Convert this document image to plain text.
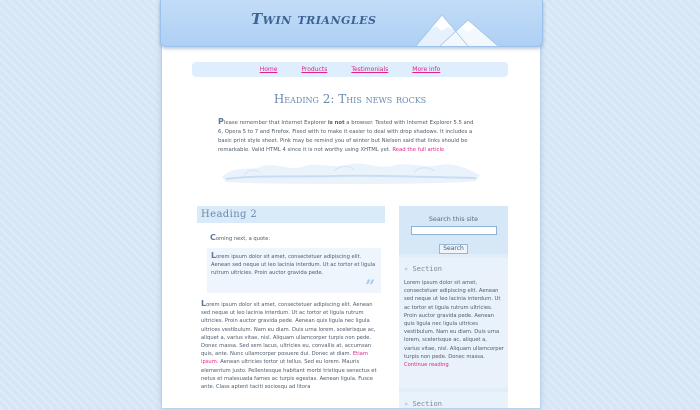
Twin triangles
Home	Products	Testimonials	More info
Heading 2: This news rocks
Please remember that Internet Explorer is not a browser. Tested with Internet Explorer 5.5 and 6, Opera 5 to 7 and Firefox. Fixed with to make it easier to deal with drop shadows. It includes a basic print style sheet. Pink may be remind you of winter but Nielsen said that links should be remarkable. Valid HTML 4 since it is not worthy using XHTML yet. Read the full article
Heading 2
Coming next, a quote:

Lorem ipsum dolor sit amet, consectetuer adipiscing elit. Aenean sed neque ut leo lacinia interdum. Ut ac tortor et ligula rutrum ultricies. Proin auctor gravida pede.

”
Lorem ipsum dolor sit amet, consectetuer adipiscing elit. Aenean sed neque ut leo lacinia interdum. Ut ac tortor et ligula rutrum ultricies. Proin auctor gravida pede. Aenean quis ligula nec ligula ultrices vestibulum. Nam eu diam. Duis urna lorem, scelerisque ac, aliquet a, varius vitae, nisl. Aliquam ullamcorper turpis non pede. Donec massa. Sed sem lacus, ultricies eu, convallis at, accumsan quis, ante. Nunc ullamcorper posuere dui. Donec at diam. Etiam ipsum. Aenean ultricies tortor ut tellus. Sed eu lorem. Mauris elementum justo. Pellentesque habitant morbi tristique senectus et netus et malesuada fames ac turpis egestas. Aenean ligula. Fusce ante. Class aptent taciti sociosqu ad litora
Search this site
Search
✶ Section
Lorem ipsum dolor sit amet, consectetuer adipiscing elit. Aenean sed neque ut leo lacinia interdum. Ut ac tortor et ligula rutrum ultricies. Proin auctor gravida pede. Aenean quis ligula nec ligula ultrices vestibulum. Nam eu diam. Duis urna lorem, scelerisque ac, aliquet a, varius vitae, nisl. Aliquam ullamcorper turpis non pede. Donec massa. Continue reading
✶ Section
